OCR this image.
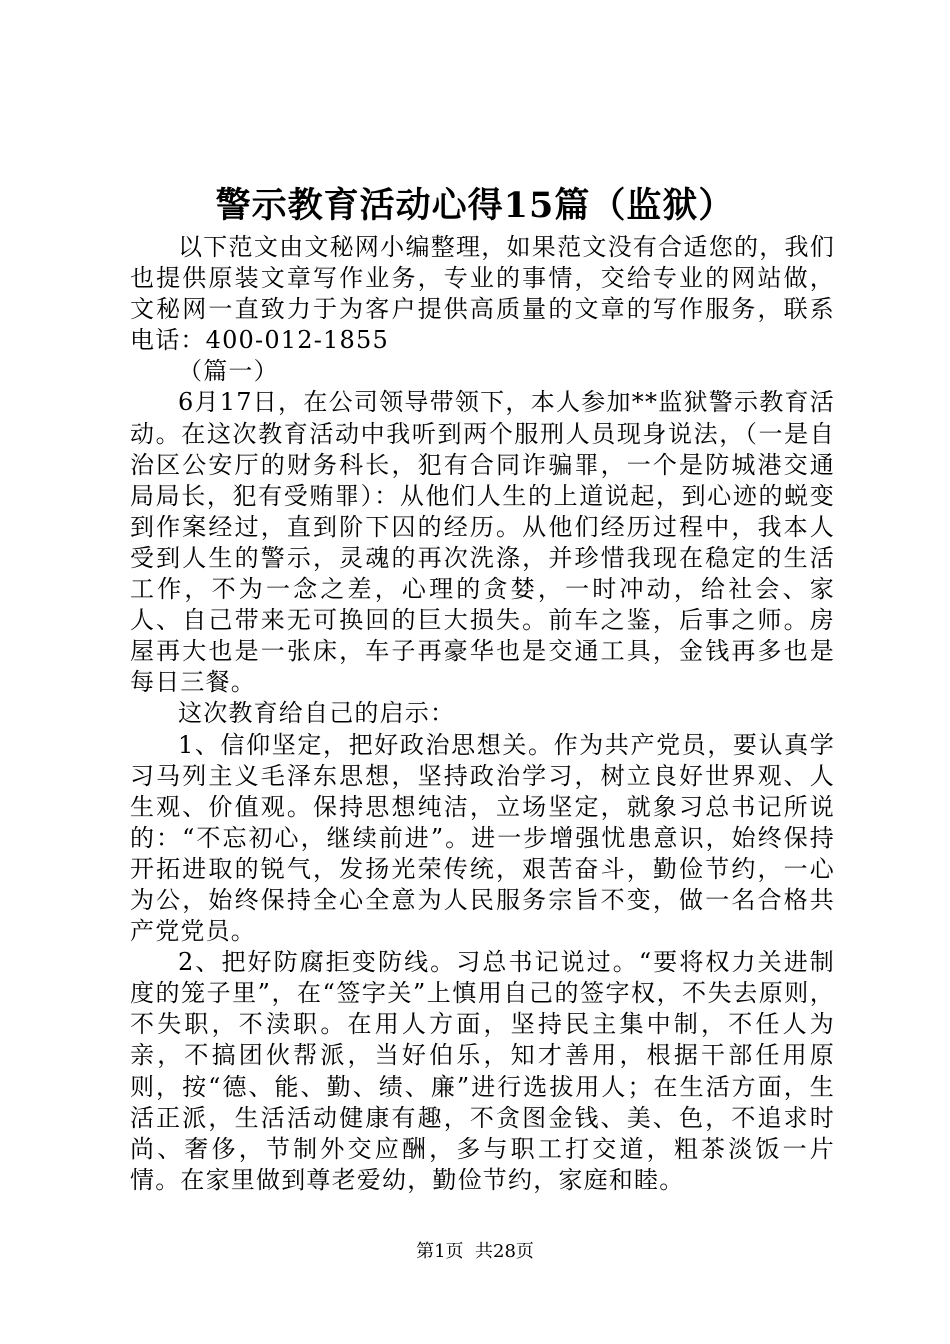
警示教育活动心得15篇（监狱）

以下范文由文秘网小编整理，如果范文没有合适您的，我们也提供原装文章写作业务，专业的事情，交给专业的网站做，文秘网一直致力于为客户提供高质量的文章的写作服务，联系电话：400-012-1855

（篇一）

6月17日，在公司领导带领下，本人参加**监狱警示教育活动。在这次教育活动中我听到两个服刑人员现身说法，（一是自治区公安厅的财务科长，犯有合同诈骗罪，一个是防城港交通局局长，犯有受贿罪）：从他们人生的上道说起，到心迹的蜕变到作案经过，直到阶下囚的经历。从他们经历过程中，我本人受到人生的警示，灵魂的再次洗涤，并珍惜我现在稳定的生活工作，不为一念之差，心理的贪婪，一时冲动，给社会、家人、自己带来无可换回的巨大损失。前车之鉴，后事之师。房屋再大也是一张床，车子再豪华也是交通工具，金钱再多也是每日三餐。

这次教育给自己的启示：

1、信仰坚定，把好政治思想关。作为共产党员，要认真学习马列主义毛泽东思想，坚持政治学习，树立良好世界观、人生观、价值观。保持思想纯洁，立场坚定，就象习总书记所说的：“不忘初心，继续前进”。进一步增强忧患意识，始终保持开拓进取的锐气，发扬光荣传统，艰苦奋斗，勤俭节约，一心为公，始终保持全心全意为人民服务宗旨不变，做一名合格共产党党员。

2、把好防腐拒变防线。习总书记说过。“要将权力关进制度的笼子里”，在“签字关”上慎用自己的签字权，不失去原则，不失职，不渎职。在用人方面，坚持民主集中制，不任人为亲，不搞团伙帮派，当好伯乐，知才善用，根据干部任用原则，按“德、能、勤、绩、廉”进行选拔用人；在生活方面，生活正派，生活活动健康有趣，不贪图金钱、美、色，不追求时尚、奢侈，节制外交应酬，多与职工打交道，粗茶淡饭一片情。在家里做到尊老爱幼，勤俭节约，家庭和睦。

第1页 共28页
